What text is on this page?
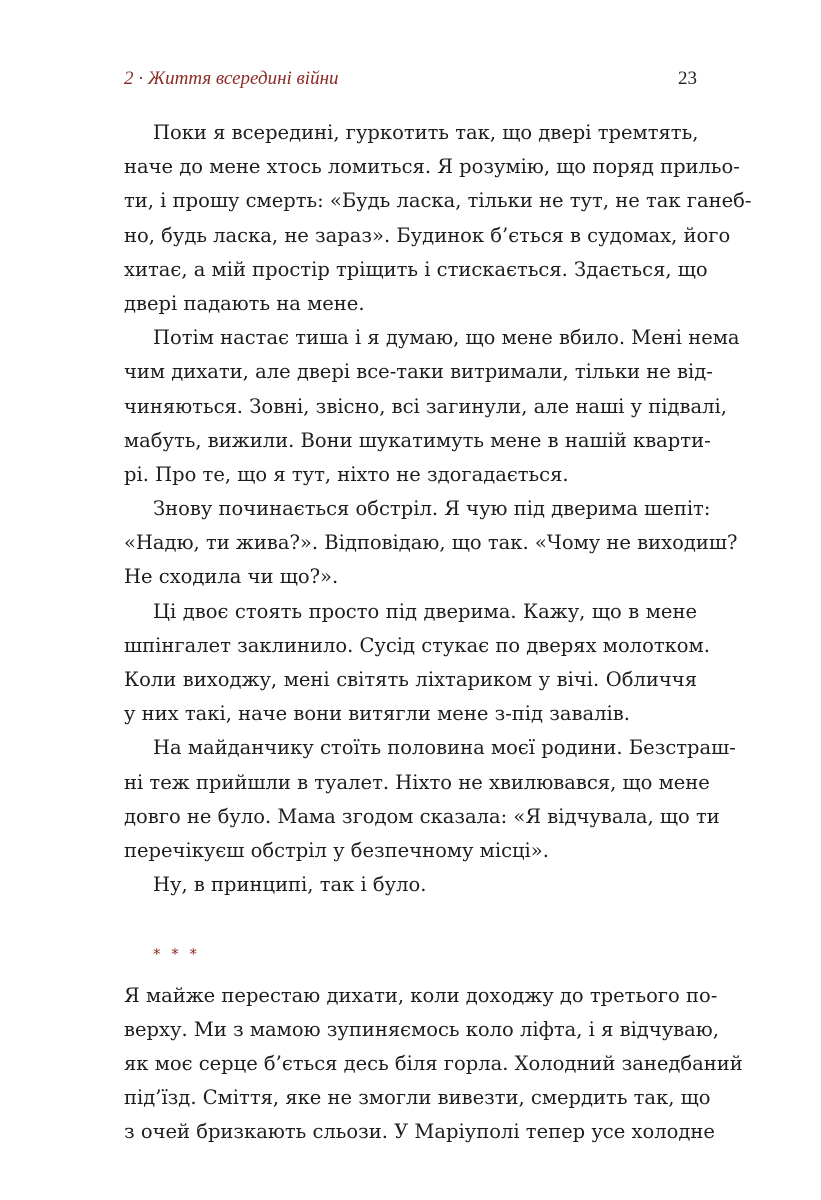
2 · Життя всередині війни	23
Поки я всередині, гуркотить так, що двері тремтять,
наче до мене хтось ломиться. Я розумію, що поряд прильо-
ти, і прошу смерть: «Будь ласка, тільки не тут, не так ганеб-
но, будь ласка, не зараз». Будинок б’ється в судомах, його
хитає, а мій простір тріщить і стискається. Здається, що
двері падають на мене.
Потім настає тиша і я думаю, що мене вбило. Мені нема
чим дихати, але двері все-таки витримали, тільки не від-
чиняються. Зовні, звісно, всі загинули, але наші у підвалі,
мабуть, вижили. Вони шукатимуть мене в нашій кварти-
рі. Про те, що я тут, ніхто не здогадається.
Знову починається обстріл. Я чую під дверима шепіт:
«Надю, ти жива?». Відповідаю, що так. «Чому не виходиш?
Не сходила чи що?».
Ці двоє стоять просто під дверима. Кажу, що в мене
шпінгалет заклинило. Сусід стукає по дверях молотком.
Коли виходжу, мені світять ліхтариком у вічі. Обличчя
у них такі, наче вони витягли мене з-під завалів.
На майданчику стоїть половина моєї родини. Безстраш-
ні теж прийшли в туалет. Ніхто не хвилювався, що мене
довго не було. Мама згодом сказала: «Я відчувала, що ти
перечікуєш обстріл у безпечному місці».
Ну, в принципі, так і було.
* * *
Я майже перестаю дихати, коли доходжу до третього по-
верху. Ми з мамою зупиняємось коло ліфта, і я відчуваю,
як моє серце б’ється десь біля горла. Холодний занедбаний
під’їзд. Сміття, яке не змогли вивезти, смердить так, що
з очей бризкають сльози. У Маріуполі тепер усе холодне
